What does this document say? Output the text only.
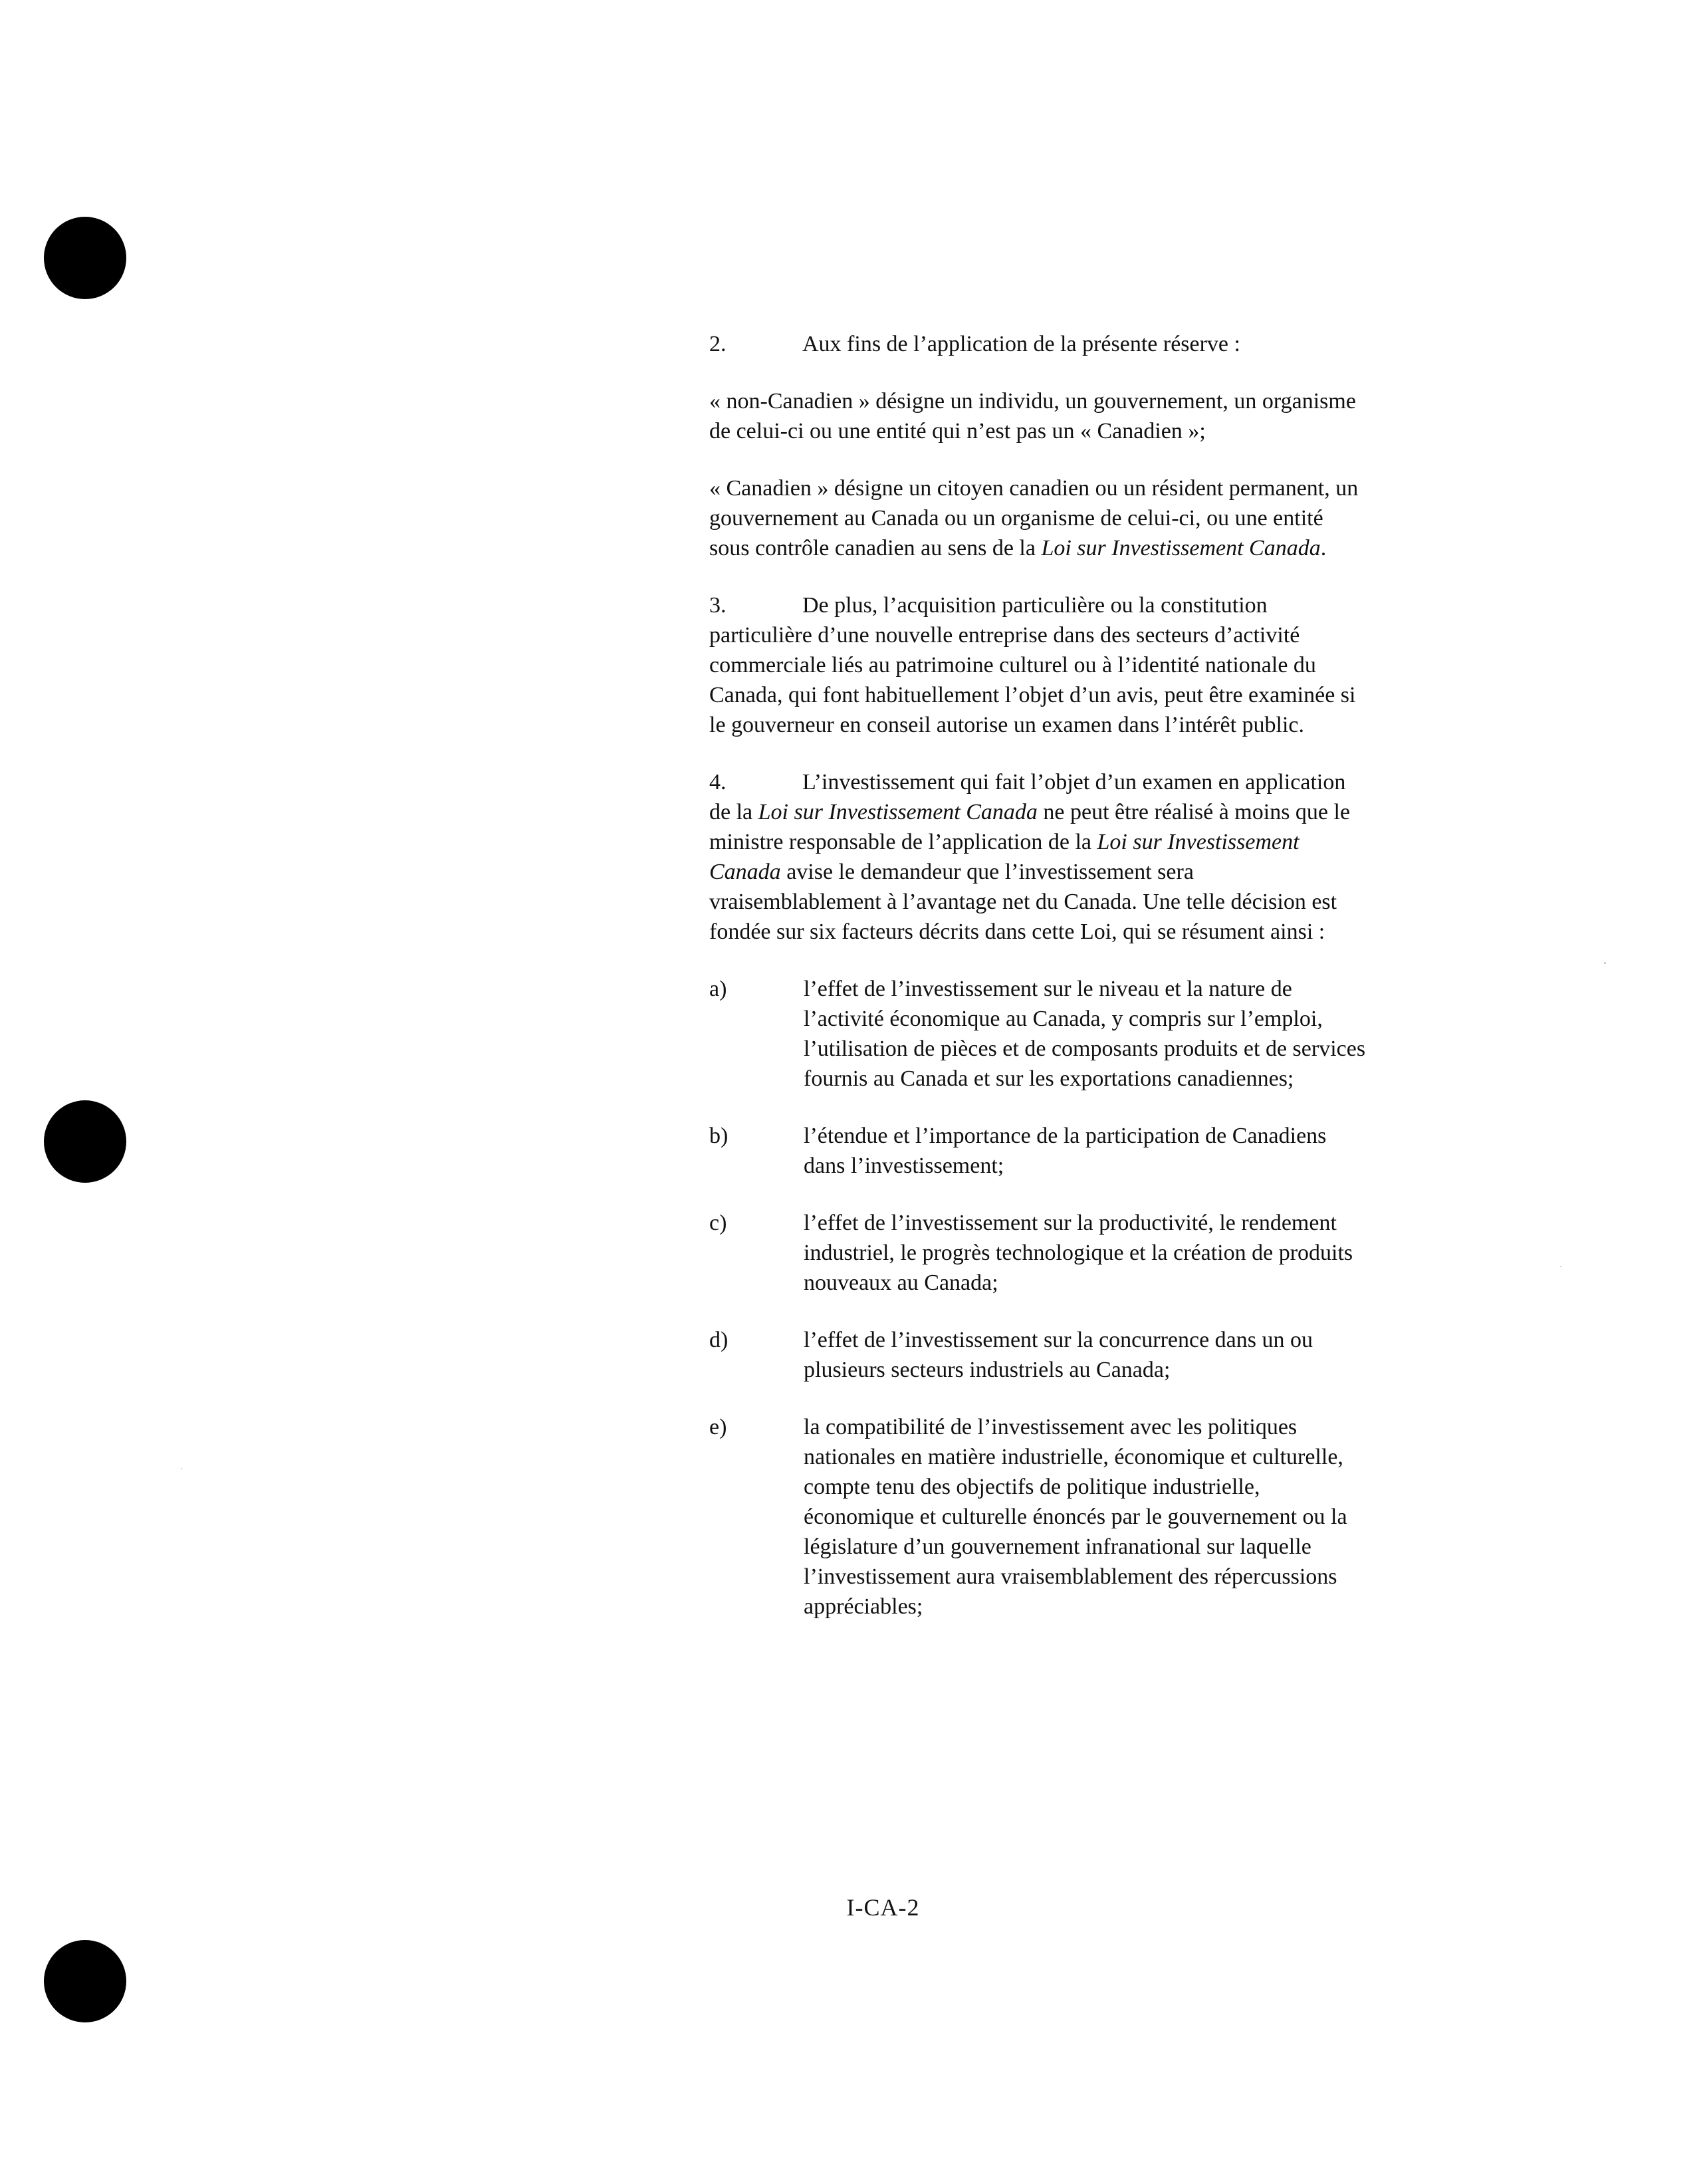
2.	Aux fins de l’application de la présente réserve :

« non-Canadien » désigne un individu, un gouvernement, un organisme de celui-ci ou une entité qui n’est pas un « Canadien »;

« Canadien » désigne un citoyen canadien ou un résident permanent, un gouvernement au Canada ou un organisme de celui-ci, ou une entité sous contrôle canadien au sens de la Loi sur Investissement Canada.

3.	De plus, l’acquisition particulière ou la constitution particulière d’une nouvelle entreprise dans des secteurs d’activité commerciale liés au patrimoine culturel ou à l’identité nationale du Canada, qui font habituellement l’objet d’un avis, peut être examinée si le gouverneur en conseil autorise un examen dans l’intérêt public.

4.	L’investissement qui fait l’objet d’un examen en application de la Loi sur Investissement Canada ne peut être réalisé à moins que le ministre responsable de l’application de la Loi sur Investissement Canada avise le demandeur que l’investissement sera vraisemblablement à l’avantage net du Canada. Une telle décision est fondée sur six facteurs décrits dans cette Loi, qui se résument ainsi :

a)	l’effet de l’investissement sur le niveau et la nature de l’activité économique au Canada, y compris sur l’emploi, l’utilisation de pièces et de composants produits et de services fournis au Canada et sur les exportations canadiennes;
b)	l’étendue et l’importance de la participation de Canadiens dans l’investissement;
c)	l’effet de l’investissement sur la productivité, le rendement industriel, le progrès technologique et la création de produits nouveaux au Canada;
d)	l’effet de l’investissement sur la concurrence dans un ou plusieurs secteurs industriels au Canada;
e)	la compatibilité de l’investissement avec les politiques nationales en matière industrielle, économique et culturelle, compte tenu des objectifs de politique industrielle, économique et culturelle énoncés par le gouvernement ou la législature d’un gouvernement infranational sur laquelle l’investissement aura vraisemblablement des répercussions appréciables;
I-CA-2
